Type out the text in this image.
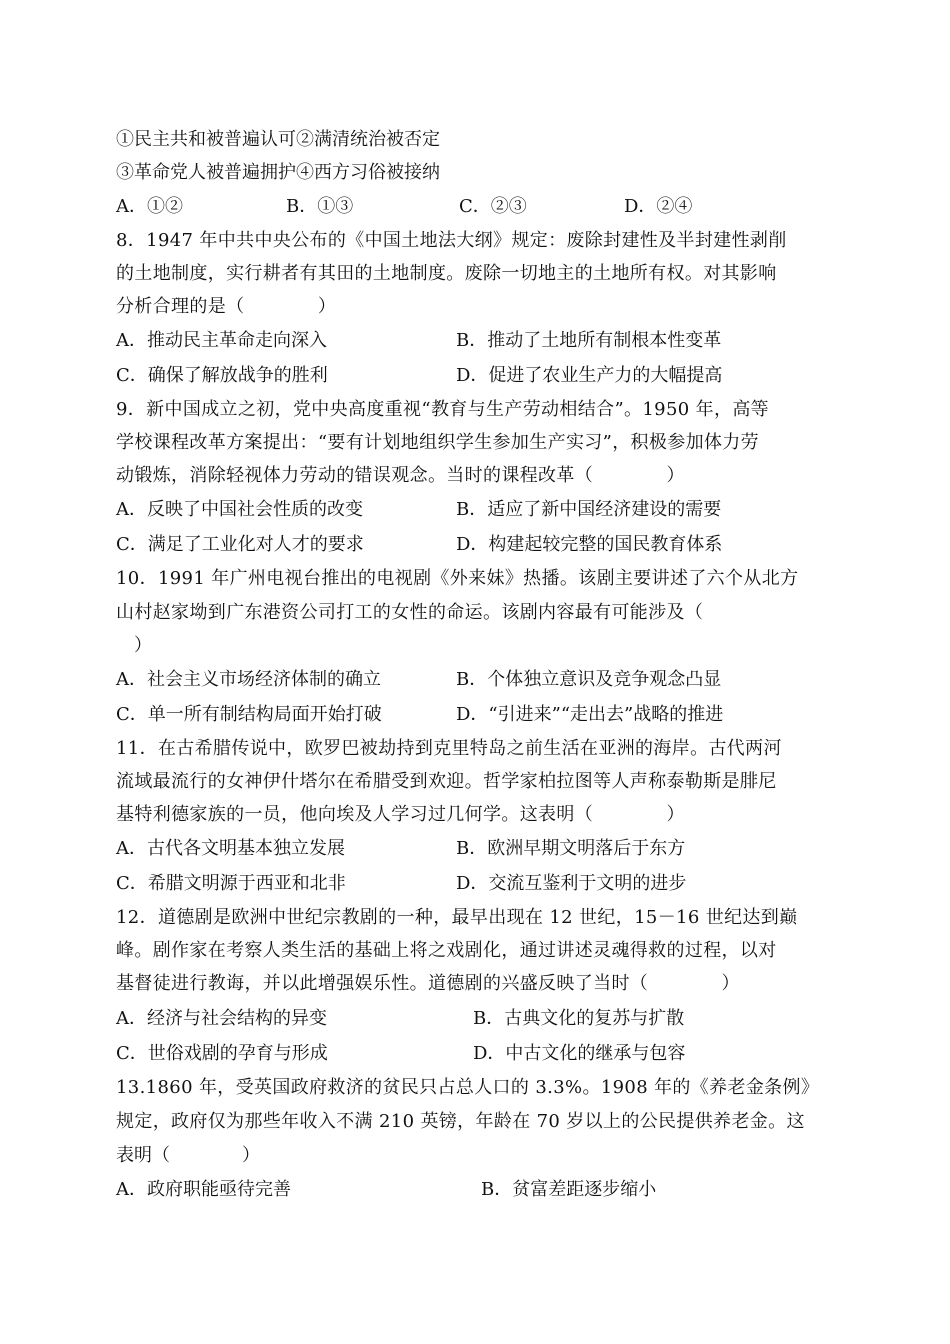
①民主共和被普遍认可②满清统治被否定
③革命党人被普遍拥护④西方习俗被接纳
A．①②	B．①③	C．②③	D．②④
8．1947 年中共中央公布的《中国土地法大纲》规定：废除封建性及半封建性剥削
的土地制度，实行耕者有其田的土地制度。废除一切地主的土地所有权。对其影响
分析合理的是（　　　　）
A．推动民主革命走向深入	B．推动了土地所有制根本性变革
C．确保了解放战争的胜利	D．促进了农业生产力的大幅提高
9．新中国成立之初，党中央高度重视“教育与生产劳动相结合”。1950 年，高等
学校课程改革方案提出：“要有计划地组织学生参加生产实习”，积极参加体力劳
动锻炼，消除轻视体力劳动的错误观念。当时的课程改革（　　　　）
A．反映了中国社会性质的改变	B．适应了新中国经济建设的需要
C．满足了工业化对人才的要求	D．构建起较完整的国民教育体系
10．1991 年广州电视台推出的电视剧《外来妹》热播。该剧主要讲述了六个从北方
山村赵家坳到广东港资公司打工的女性的命运。该剧内容最有可能涉及（
　）
A．社会主义市场经济体制的确立	B．个体独立意识及竞争观念凸显
C．单一所有制结构局面开始打破	D．“引进来”“走出去”战略的推进
11．在古希腊传说中，欧罗巴被劫持到克里特岛之前生活在亚洲的海岸。古代两河
流域最流行的女神伊什塔尔在希腊受到欢迎。哲学家柏拉图等人声称泰勒斯是腓尼
基特利德家族的一员，他向埃及人学习过几何学。这表明（　　　　）
A．古代各文明基本独立发展	B．欧洲早期文明落后于东方
C．希腊文明源于西亚和北非	D．交流互鉴利于文明的进步
12．道德剧是欧洲中世纪宗教剧的一种，最早出现在 12 世纪，15－16 世纪达到巅
峰。剧作家在考察人类生活的基础上将之戏剧化，通过讲述灵魂得救的过程，以对
基督徒进行教诲，并以此增强娱乐性。道德剧的兴盛反映了当时（　　　　）
A．经济与社会结构的异变	B．古典文化的复苏与扩散
C．世俗戏剧的孕育与形成	D．中古文化的继承与包容
13.1860 年，受英国政府救济的贫民只占总人口的 3.3%。1908 年的《养老金条例》
规定，政府仅为那些年收入不满 210 英镑，年龄在 70 岁以上的公民提供养老金。这
表明（　　　　）
A．政府职能亟待完善	B．贫富差距逐步缩小
